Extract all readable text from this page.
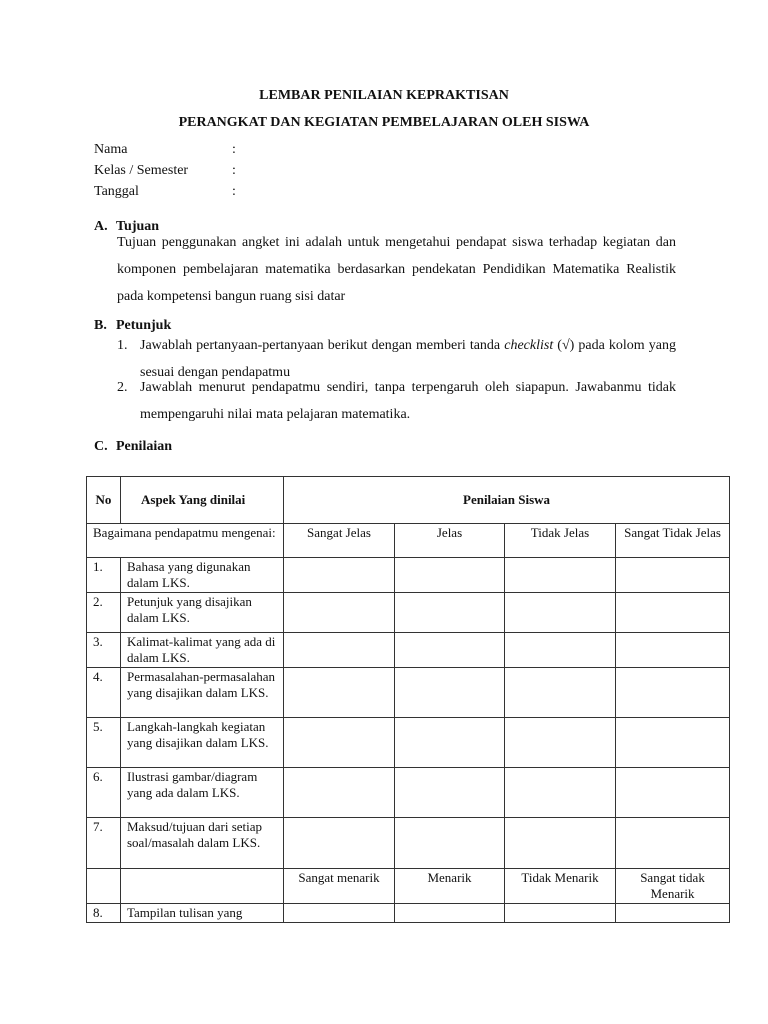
LEMBAR PENILAIAN KEPRAKTISAN
PERANGKAT DAN KEGIATAN PEMBELAJARAN OLEH SISWA
Nama	:
Kelas / Semester	:
Tanggal	:
A. Tujuan
Tujuan penggunakan angket ini adalah untuk mengetahui pendapat siswa terhadap kegiatan dan komponen pembelajaran matematika berdasarkan pendekatan Pendidikan Matematika Realistik pada kompetensi bangun ruang sisi datar
B. Petunjuk
1. Jawablah pertanyaan-pertanyaan berikut dengan memberi tanda checklist (√) pada kolom yang sesuai dengan pendapatmu
2. Jawablah menurut pendapatmu sendiri, tanpa terpengaruh oleh siapapun. Jawabanmu tidak mempengaruhi nilai mata pelajaran matematika.
C. Penilaian
No	Aspek Yang dinilai	Penilaian Siswa			
Bagaimana pendapatmu mengenai:		Sangat Jelas	Jelas	Tidak Jelas	Sangat Tidak Jelas
1.	Bahasa yang digunakan dalam LKS.				
2.	Petunjuk yang disajikan dalam LKS.				
3.	Kalimat-kalimat yang ada di dalam LKS.				
4.	Permasalahan-permasalahan yang disajikan dalam LKS.				
5.	Langkah-langkah kegiatan yang disajikan dalam LKS.				
6.	Ilustrasi gambar/diagram yang ada dalam LKS.				
7.	Maksud/tujuan dari setiap soal/masalah dalam LKS.				
		Sangat menarik	Menarik	Tidak Menarik	Sangat tidak Menarik
8.	Tampilan tulisan yang				
